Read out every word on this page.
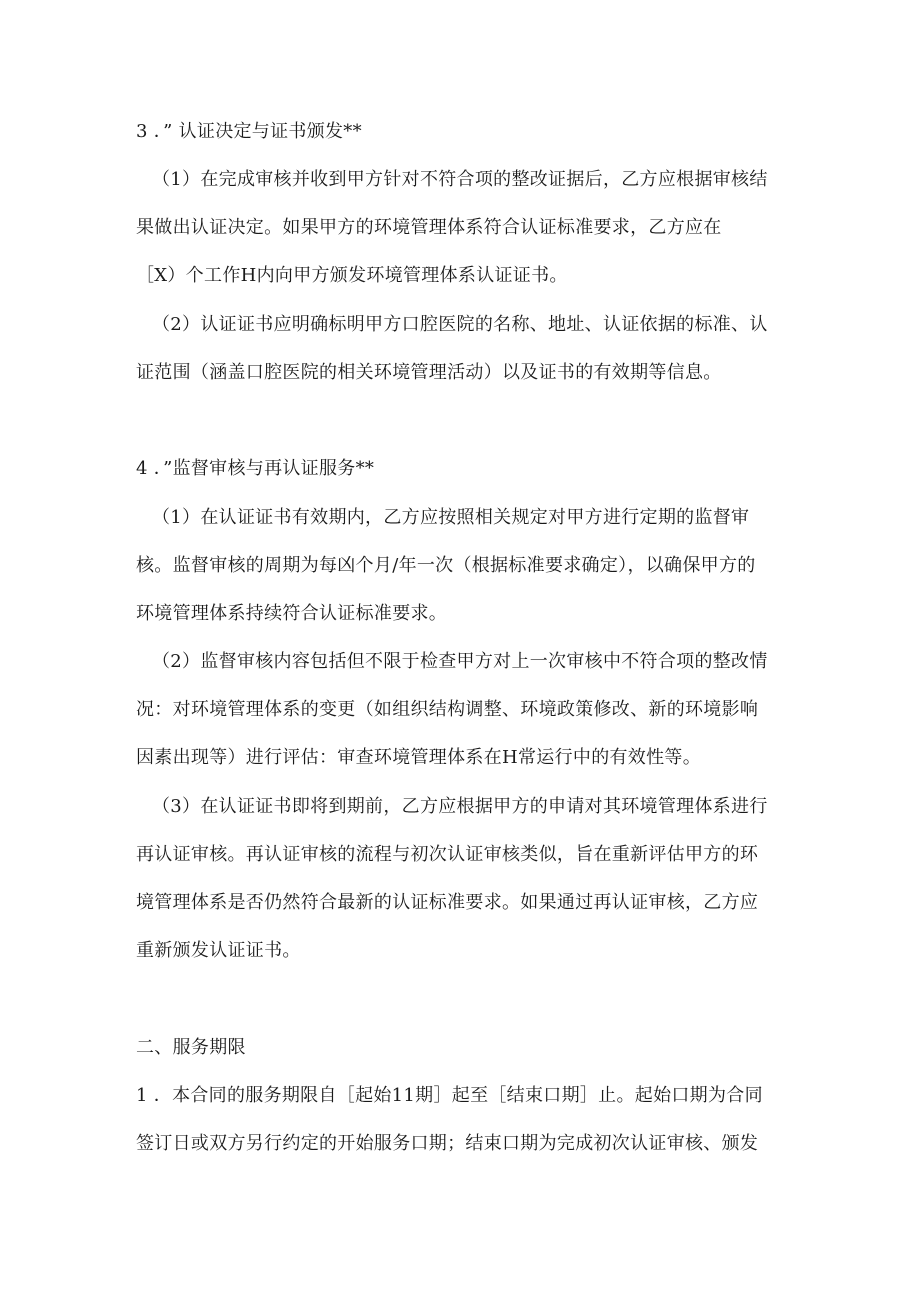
3 ．” 认证决定与证书颁发**
（1）在完成审核并收到甲方针对不符合项的整改证据后，乙方应根据审核结
果做出认证决定。如果甲方的环境管理体系符合认证标准要求，乙方应在
［X）个工作H内向甲方颁发环境管理体系认证证书。
（2）认证证书应明确标明甲方口腔医院的名称、地址、认证依据的标准、认
证范围（涵盖口腔医院的相关环境管理活动）以及证书的有效期等信息。
4 ．”监督审核与再认证服务**
（1）在认证证书有效期内，乙方应按照相关规定对甲方进行定期的监督审
核。监督审核的周期为每凶个月/年一次（根据标准要求确定），以确保甲方的
环境管理体系持续符合认证标准要求。
（2）监督审核内容包括但不限于检查甲方对上一次审核中不符合项的整改情
况：对环境管理体系的变更（如组织结构调整、环境政策修改、新的环境影响
因素出现等）进行评估：审查环境管理体系在H常运行中的有效性等。
（3）在认证证书即将到期前，乙方应根据甲方的申请对其环境管理体系进行
再认证审核。再认证审核的流程与初次认证审核类似，旨在重新评估甲方的环
境管理体系是否仍然符合最新的认证标准要求。如果通过再认证审核，乙方应
重新颁发认证证书。
二、服务期限
1 ．本合同的服务期限自［起始11期］起至［结束口期］止。起始口期为合同
签订日或双方另行约定的开始服务口期；结束口期为完成初次认证审核、颁发
